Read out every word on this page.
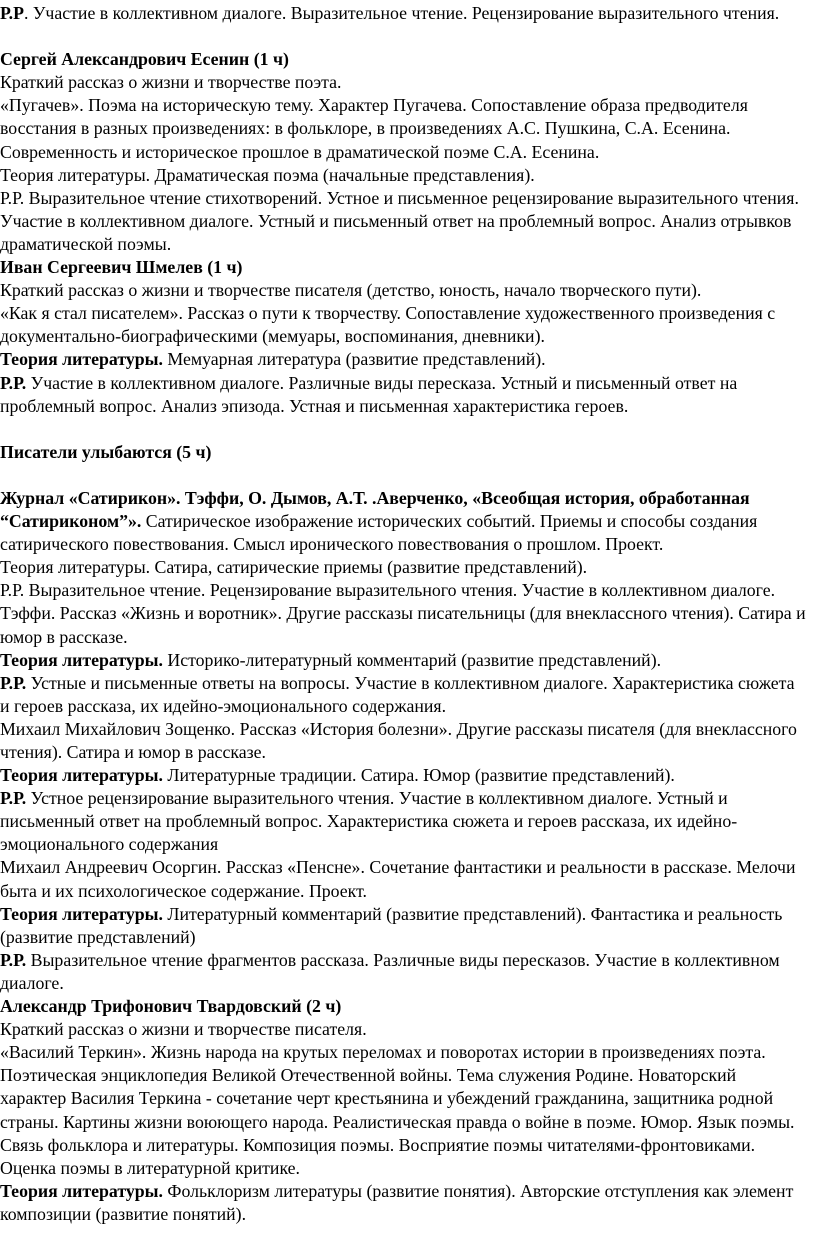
Р.Р. Участие в коллективном диалоге. Выразительное чтение. Рецензирование выразительного чтения.

Сергей Александрович Есенин (1 ч)

Краткий рассказ о жизни и творчестве поэта.

«Пугачев». Поэма на историческую тему. Характер Пугачева. Сопоставление образа предводителя восстания в разных произведениях: в фольклоре, в произведениях А.С. Пушкина, С.А. Есенина. Современность и историческое прошлое в драматической поэме С.А. Есенина.

Теория литературы. Драматическая поэма (начальные представления).

Р.Р. Выразительное чтение стихотворений. Устное и письменное рецензирование выразительного чтения. Участие в коллективном диалоге. Устный и письменный ответ на проблемный вопрос. Анализ отрывков драматической поэмы.

Иван Сергеевич Шмелев (1 ч)

Краткий рассказ о жизни и творчестве писателя (детство, юность, начало творческого пути).

«Как я стал писателем». Рассказ о пути к творчеству. Сопоставление художественного произведения с документально-биографическими (мемуары, воспоминания, дневники).

Теория литературы. Мемуарная литература (развитие представлений).

Р.Р. Участие в коллективном диалоге. Различные виды пересказа. Устный и письменный ответ на проблемный вопрос. Анализ эпизода. Устная и письменная характеристика героев.

Писатели улыбаются (5 ч)

Журнал «Сатирикон». Тэффи, О. Дымов, А.Т. .Аверченко, «Всеобщая история, обработанная “Сатириконом”». Сатирическое изображение исторических событий. Приемы и способы создания сатирического повествования. Смысл иронического повествования о прошлом. Проект.

Теория литературы. Сатира, сатирические приемы (развитие представлений).

Р.Р. Выразительное чтение. Рецензирование выразительного чтения. Участие в коллективном диалоге.

Тэффи. Рассказ «Жизнь и воротник». Другие рассказы писательницы (для внеклассного чтения). Сатира и юмор в рассказе.

Теория литературы. Историко-литературный комментарий (развитие представлений).

Р.Р. Устные и письменные ответы на вопросы. Участие в коллективном диалоге. Характеристика сюжета и героев рассказа, их идейно-эмоционального содержания.

Михаил Михайлович Зощенко. Рассказ «История болезни». Другие рассказы писателя (для внеклассного чтения). Сатира и юмор в рассказе.

Теория литературы. Литературные традиции. Сатира. Юмор (развитие представлений).

Р.Р. Устное рецензирование выразительного чтения. Участие в коллективном диалоге. Устный и письменный ответ на проблемный вопрос. Характеристика сюжета и героев рассказа, их идейно-эмоционального содержания

Михаил Андреевич Осоргин. Рассказ «Пенсне». Сочетание фантастики и реальности в рассказе. Мелочи быта и их психологическое содержание. Проект.

Теория литературы. Литературный комментарий (развитие представлений). Фантастика и реальность (развитие представлений)

Р.Р. Выразительное чтение фрагментов рассказа. Различные виды пересказов. Участие в коллективном диалоге.

Александр Трифонович Твардовский (2 ч)

Краткий рассказ о жизни и творчестве писателя.

«Василий Теркин». Жизнь народа на крутых переломах и поворотах истории в произведениях поэта. Поэтическая энциклопедия Великой Отечественной войны. Тема служения Родине. Новаторский характер Василия Теркина - сочетание черт крестьянина и убеждений гражданина, защитника родной страны. Картины жизни воюющего народа. Реалистическая правда о войне в поэме. Юмор. Язык поэмы. Связь фольклора и литературы. Композиция поэмы. Восприятие поэмы читателями-фронтовиками. Оценка поэмы в литературной критике.

Теория литературы. Фольклоризм литературы (развитие понятия). Авторские отступления как элемент композиции (развитие понятий).
